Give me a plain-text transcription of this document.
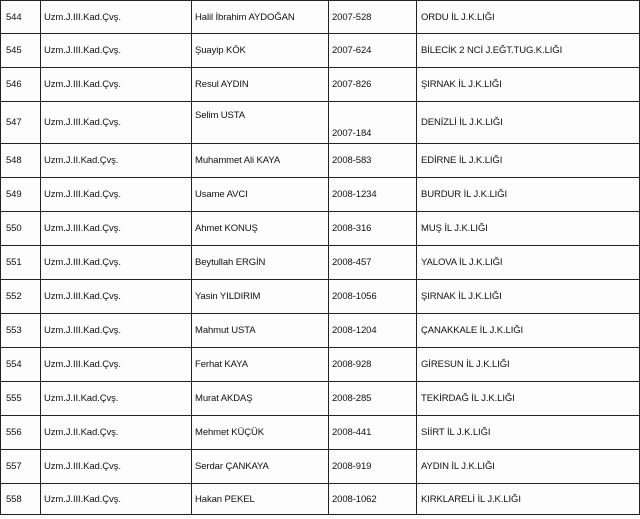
544	Uzm.J.III.Kad.Çvş.	Halil İbrahim AYDOĞAN	2007-528	ORDU İL J.K.LIĞI
545	Uzm.J.III.Kad.Çvş.	Şuayip KÖK	2007-624	BİLECİK 2 NCİ J.EĞT.TUG.K.LIĞI
546	Uzm.J.III.Kad.Çvş.	Resul AYDIN	2007-826	ŞIRNAK İL J.K.LIĞI
547	Uzm.J.III.Kad.Çvş.	Selim USTA	2007-184	DENİZLİ İL J.K.LIĞI
548	Uzm.J.II.Kad.Çvş.	Muhammet Ali KAYA	2008-583	EDİRNE İL J.K.LIĞI
549	Uzm.J.III.Kad.Çvş.	Usame AVCI	2008-1234	BURDUR İL J.K.LIĞI
550	Uzm.J.III.Kad.Çvş.	Ahmet KONUŞ	2008-316	MUŞ İL J.K.LIĞI
551	Uzm.J.III.Kad.Çvş.	Beytullah ERGİN	2008-457	YALOVA İL J.K.LIĞI
552	Uzm.J.III.Kad.Çvş.	Yasin YILDIRIM	2008-1056	ŞIRNAK İL J.K.LIĞI
553	Uzm.J.III.Kad.Çvş.	Mahmut USTA	2008-1204	ÇANAKKALE İL J.K.LIĞI
554	Uzm.J.III.Kad.Çvş.	Ferhat KAYA	2008-928	GİRESUN İL J.K.LIĞI
555	Uzm.J.II.Kad.Çvş.	Murat AKDAŞ	2008-285	TEKİRDAĞ İL J.K.LIĞI
556	Uzm.J.II.Kad.Çvş.	Mehmet KÜÇÜK	2008-441	SİİRT İL J.K.LIĞI
557	Uzm.J.III.Kad.Çvş.	Serdar ÇANKAYA	2008-919	AYDIN İL J.K.LIĞI
558	Uzm.J.III.Kad.Çvş.	Hakan PEKEL	2008-1062	KIRKLARELİ İL J.K.LIĞI
